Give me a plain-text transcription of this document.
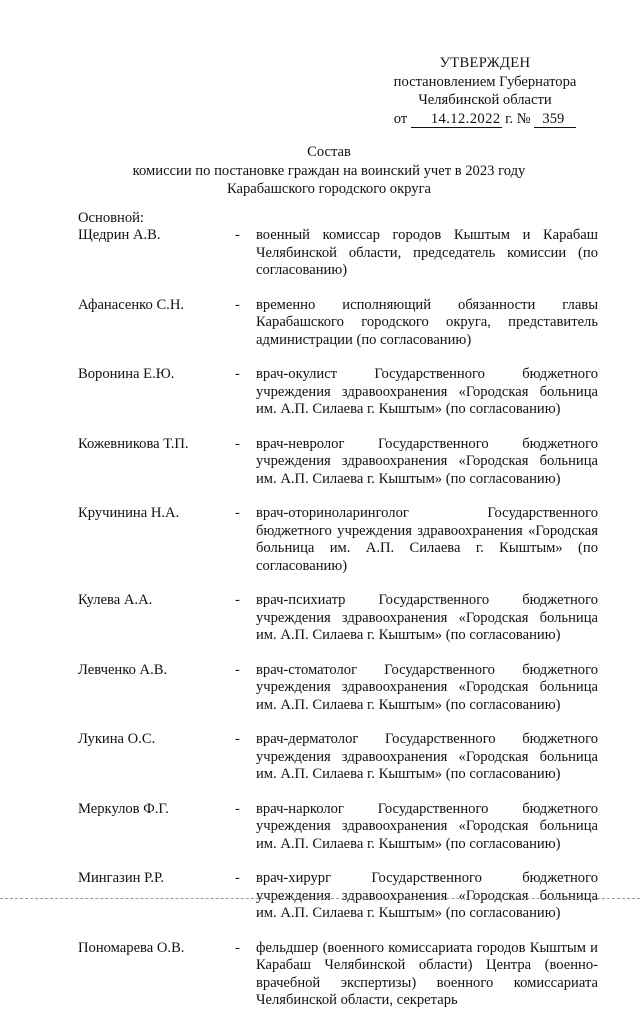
УТВЕРЖДЕН
постановлением Губернатора
Челябинской области
от 14.12.2022 г. № 359
Состав
комиссии по постановке граждан на воинский учет в 2023 году
Карабашского городского округа
Основной:
Щедрин А.В.	-	военный комиссар городов Кыштым и Карабаш Челябинской области, председатель комиссии (по согласованию)
Афанасенко С.Н.	-	временно исполняющий обязанности главы Карабашского городского округа, представитель администрации (по согласованию)
Воронина Е.Ю.	-	врач-окулист Государственного бюджетного учреждения здравоохранения «Городская больница им. А.П. Силаева г. Кыштым» (по согласованию)
Кожевникова Т.П.	-	врач-невролог Государственного бюджетного учреждения здравоохранения «Городская больница им. А.П. Силаева г. Кыштым» (по согласованию)
Кручинина Н.А.	-	врач-оториноларинголог Государственного бюджетного учреждения здравоохранения «Городская больница им. А.П. Силаева г. Кыштым» (по согласованию)
Кулева А.А.	-	врач-психиатр Государственного бюджетного учреждения здравоохранения «Городская больница им. А.П. Силаева г. Кыштым» (по согласованию)
Левченко А.В.	-	врач-стоматолог Государственного бюджетного учреждения здравоохранения «Городская больница им. А.П. Силаева г. Кыштым» (по согласованию)
Лукина О.С.	-	врач-дерматолог Государственного бюджетного учреждения здравоохранения «Городская больница им. А.П. Силаева г. Кыштым» (по согласованию)
Меркулов Ф.Г.	-	врач-нарколог Государственного бюджетного учреждения здравоохранения «Городская больница им. А.П. Силаева г. Кыштым» (по согласованию)
Мингазин Р.Р.	-	врач-хирург Государственного бюджетного учреждения здравоохранения «Городская больница им. А.П. Силаева г. Кыштым» (по согласованию)
Пономарева О.В.	-	фельдшер (военного комиссариата городов Кыштым и Карабаш Челябинской области) Центра (военно-врачебной экспертизы) военного комиссариата Челябинской области, секретарь
